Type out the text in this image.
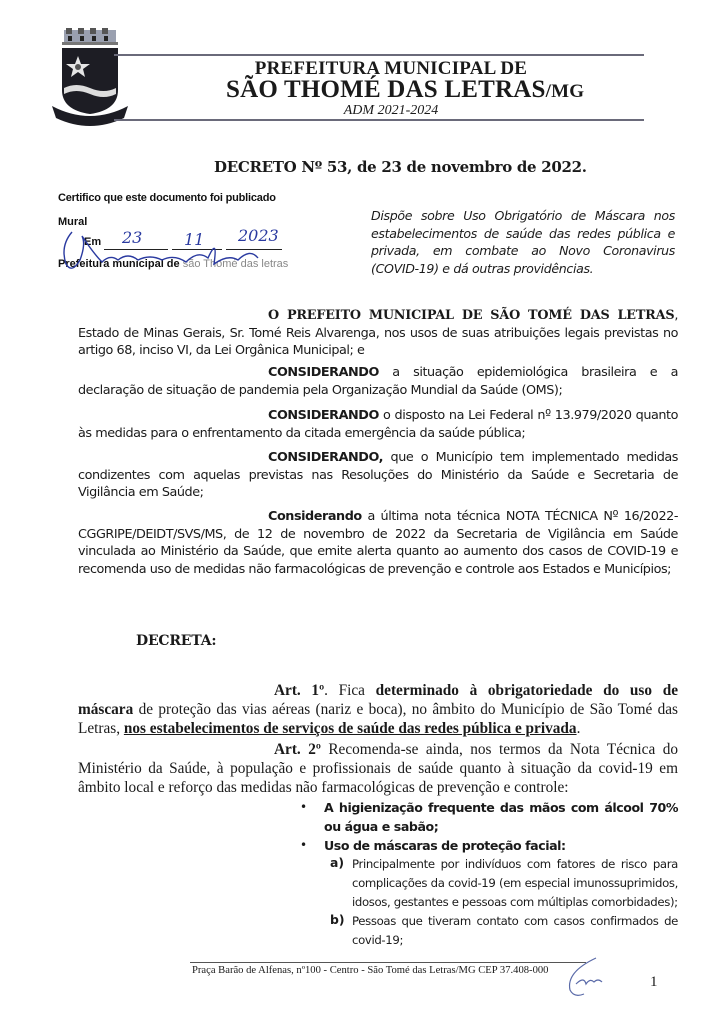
PREFEITURA MUNICIPAL DE
SÃO THOMÉ DAS LETRAS/MG
ADM 2021-2024
DECRETO Nº 53, de 23 de novembro de 2022.
Certifico que este documento foi publicado
Mural
Em 23	11 2023
Prefeitura municipal de são Thomé das letras
Dispõe sobre Uso Obrigatório de Máscara nos estabelecimentos de saúde das redes pública e privada, em combate ao Novo Coronavirus (COVID-19) e dá outras providências.
O PREFEITO MUNICIPAL DE SÃO TOMÉ DAS LETRAS, Estado de Minas Gerais, Sr. Tomé Reis Alvarenga, nos usos de suas atribuições legais previstas no artigo 68, inciso VI, da Lei Orgânica Municipal; e
CONSIDERANDO a situação epidemiológica brasileira e a declaração de situação de pandemia pela Organização Mundial da Saúde (OMS);
CONSIDERANDO o disposto na Lei Federal nº 13.979/2020 quanto às medidas para o enfrentamento da citada emergência da saúde pública;
CONSIDERANDO, que o Município tem implementado medidas condizentes com aquelas previstas nas Resoluções do Ministério da Saúde e Secretaria de Vigilância em Saúde;
Considerando a última nota técnica NOTA TÉCNICA Nº 16/2022-CGGRIPE/DEIDT/SVS/MS, de 12 de novembro de 2022 da Secretaria de Vigilância em Saúde vinculada ao Ministério da Saúde, que emite alerta quanto ao aumento dos casos de COVID-19 e recomenda uso de medidas não farmacológicas de prevenção e controle aos Estados e Municípios;
DECRETA:
Art. 1º. Fica determinado à obrigatoriedade do uso de máscara de proteção das vias aéreas (nariz e boca), no âmbito do Município de São Tomé das Letras, nos estabelecimentos de serviços de saúde das redes pública e privada.
Art. 2º Recomenda-se ainda, nos termos da Nota Técnica do Ministério da Saúde, à população e profissionais de saúde quanto à situação da covid-19 em âmbito local e reforço das medidas não farmacológicas de prevenção e controle:
•	A higienização frequente das mãos com álcool 70% ou água e sabão;
•	Uso de máscaras de proteção facial:
a) Principalmente por indivíduos com fatores de risco para complicações da covid-19 (em especial imunossuprimidos, idosos, gestantes e pessoas com múltiplas comorbidades);
b) Pessoas que tiveram contato com casos confirmados de covid-19;
Praça Barão de Alfenas, nº100 - Centro - São Tomé das Letras/MG CEP 37.408-000
1
